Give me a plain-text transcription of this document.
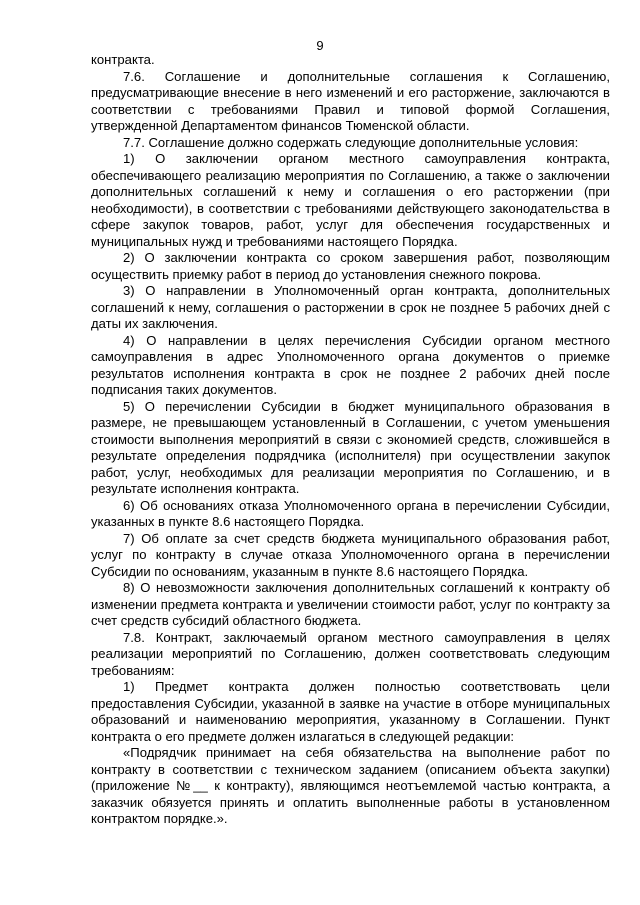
9

контракта.

7.6. Соглашение и дополнительные соглашения к Соглашению, предусматривающие внесение в него изменений и его расторжение, заключаются в соответствии с требованиями Правил и типовой формой Соглашения, утвержденной Департаментом финансов Тюменской области.

7.7. Соглашение должно содержать следующие дополнительные условия:

1) О заключении органом местного самоуправления контракта, обеспечивающего реализацию мероприятия по Соглашению, а также о заключении дополнительных соглашений к нему и соглашения о его расторжении (при необходимости), в соответствии с требованиями действующего законодательства в сфере закупок товаров, работ, услуг для обеспечения государственных и муниципальных нужд и требованиями настоящего Порядка.

2) О заключении контракта со сроком завершения работ, позволяющим осуществить приемку работ в период до установления снежного покрова.

3) О направлении в Уполномоченный орган контракта, дополнительных соглашений к нему, соглашения о расторжении в срок не позднее 5 рабочих дней с даты их заключения.

4) О направлении в целях перечисления Субсидии органом местного самоуправления в адрес Уполномоченного органа документов о приемке результатов исполнения контракта в срок не позднее 2 рабочих дней после подписания таких документов.

5) О перечислении Субсидии в бюджет муниципального образования в размере, не превышающем установленный в Соглашении, с учетом уменьшения стоимости выполнения мероприятий в связи с экономией средств, сложившейся в результате определения подрядчика (исполнителя) при осуществлении закупок работ, услуг, необходимых для реализации мероприятия по Соглашению, и в результате исполнения контракта.

6) Об основаниях отказа Уполномоченного органа в перечислении Субсидии, указанных в пункте 8.6 настоящего Порядка.

7) Об оплате за счет средств бюджета муниципального образования работ, услуг по контракту в случае отказа Уполномоченного органа в перечислении Субсидии по основаниям, указанным в пункте 8.6 настоящего Порядка.

8) О невозможности заключения дополнительных соглашений к контракту об изменении предмета контракта и увеличении стоимости работ, услуг по контракту за счет средств субсидий областного бюджета.

7.8. Контракт, заключаемый органом местного самоуправления в целях реализации мероприятий по Соглашению, должен соответствовать следующим требованиям:

1) Предмет контракта должен полностью соответствовать цели предоставления Субсидии, указанной в заявке на участие в отборе муниципальных образований и наименованию мероприятия, указанному в Соглашении. Пункт контракта о его предмете должен излагаться в следующей редакции:

«Подрядчик принимает на себя обязательства на выполнение работ по контракту в соответствии с техническом заданием (описанием объекта закупки) (приложение №__ к контракту), являющимся неотъемлемой частью контракта, а заказчик обязуется принять и оплатить выполненные работы в установленном контрактом порядке.».
